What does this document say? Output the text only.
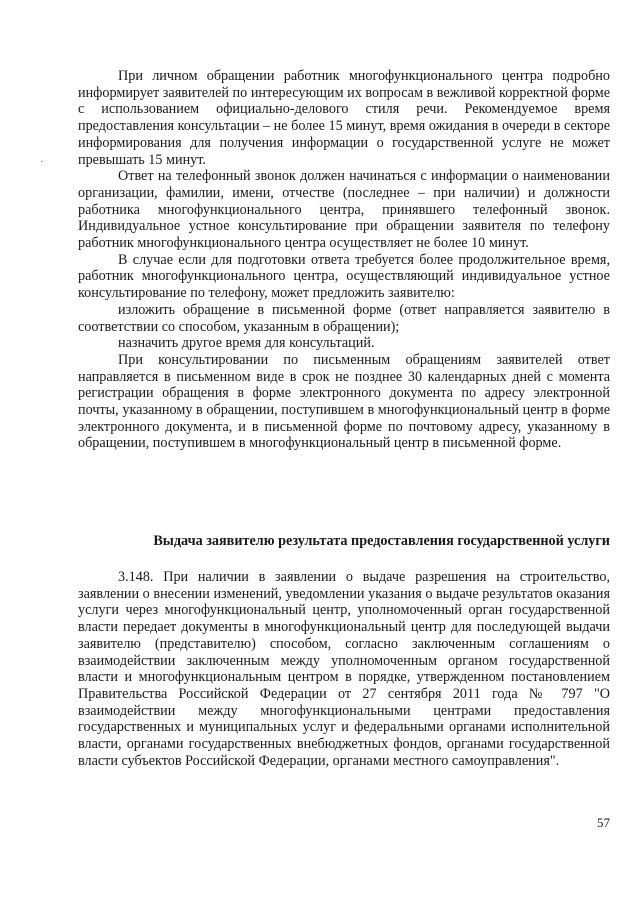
·

При личном обращении работник многофункционального центра подробно информирует заявителей по интересующим их вопросам в вежливой корректной форме с использованием официально-делового стиля речи. Рекомендуемое время предоставления консультации – не более 15 минут, время ожидания в очереди в секторе информирования для получения информации о государственной услуге не может превышать 15 минут.

Ответ на телефонный звонок должен начинаться с информации о наименовании организации, фамилии, имени, отчестве (последнее – при наличии) и должности работника многофункционального центра, принявшего телефонный звонок. Индивидуальное устное консультирование при обращении заявителя по телефону работник многофункционального центра осуществляет не более 10 минут.

В случае если для подготовки ответа требуется более продолжительное время, работник многофункционального центра, осуществляющий индивидуальное устное консультирование по телефону, может предложить заявителю:

изложить обращение в письменной форме (ответ направляется заявителю в соответствии со способом, указанным в обращении);

назначить другое время для консультаций.

При консультировании по письменным обращениям заявителей ответ направляется в письменном виде в срок не позднее 30 календарных дней с момента регистрации обращения в форме электронного документа по адресу электронной почты, указанному в обращении, поступившем в многофункциональный центр в форме электронного документа, и в письменной форме по почтовому адресу, указанному в обращении, поступившем в многофункциональный центр в письменной форме.

Выдача заявителю результата предоставления государственной услуги

3.148. При наличии в заявлении о выдаче разрешения на строительство, заявлении о внесении изменений, уведомлении указания о выдаче результатов оказания услуги через многофункциональный центр, уполномоченный орган государственной власти передает документы в многофункциональный центр для последующей выдачи заявителю (представителю) способом, согласно заключенным соглашениям о взаимодействии заключенным между уполномоченным органом государственной власти и многофункциональным центром в порядке, утвержденном постановлением Правительства Российской Федерации от 27 сентября 2011 года № 797 "О взаимодействии между многофункциональными центрами предоставления государственных и муниципальных услуг и федеральными органами исполнительной власти, органами государственных внебюджетных фондов, органами государственной власти субъектов Российской Федерации, органами местного самоуправления".

57
